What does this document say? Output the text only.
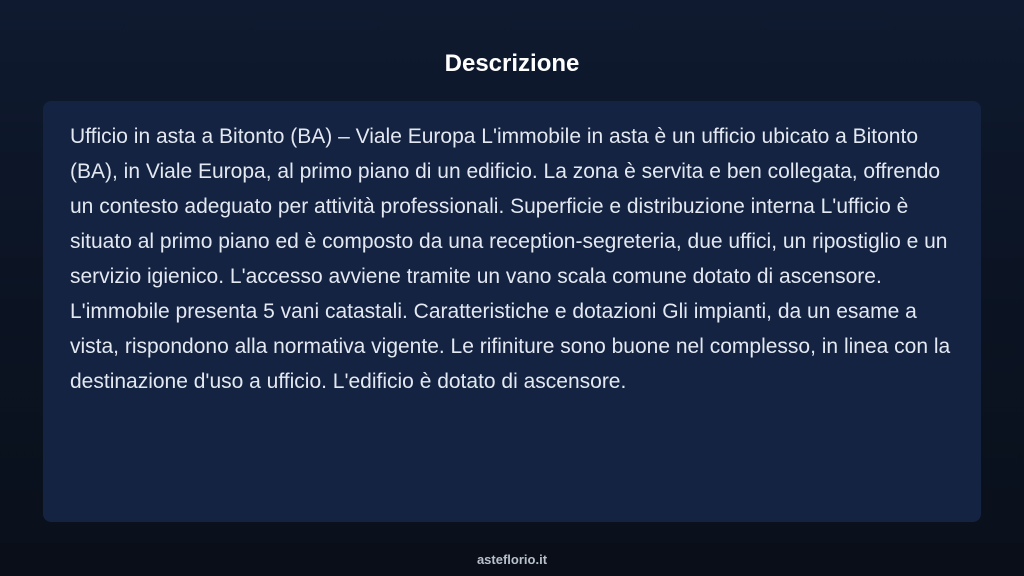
Descrizione

Ufficio in asta a Bitonto (BA) – Viale Europa L'immobile in asta è un ufficio ubicato a Bitonto (BA), in Viale Europa, al primo piano di un edificio. La zona è servita e ben collegata, offrendo un contesto adeguato per attività professionali. Superficie e distribuzione interna L'ufficio è situato al primo piano ed è composto da una reception-segreteria, due uffici, un ripostiglio e un servizio igienico. L'accesso avviene tramite un vano scala comune dotato di ascensore. L'immobile presenta 5 vani catastali. Caratteristiche e dotazioni Gli impianti, da un esame a vista, rispondono alla normativa vigente. Le rifiniture sono buone nel complesso, in linea con la destinazione d'uso a ufficio. L'edificio è dotato di ascensore.

asteflorio.it
